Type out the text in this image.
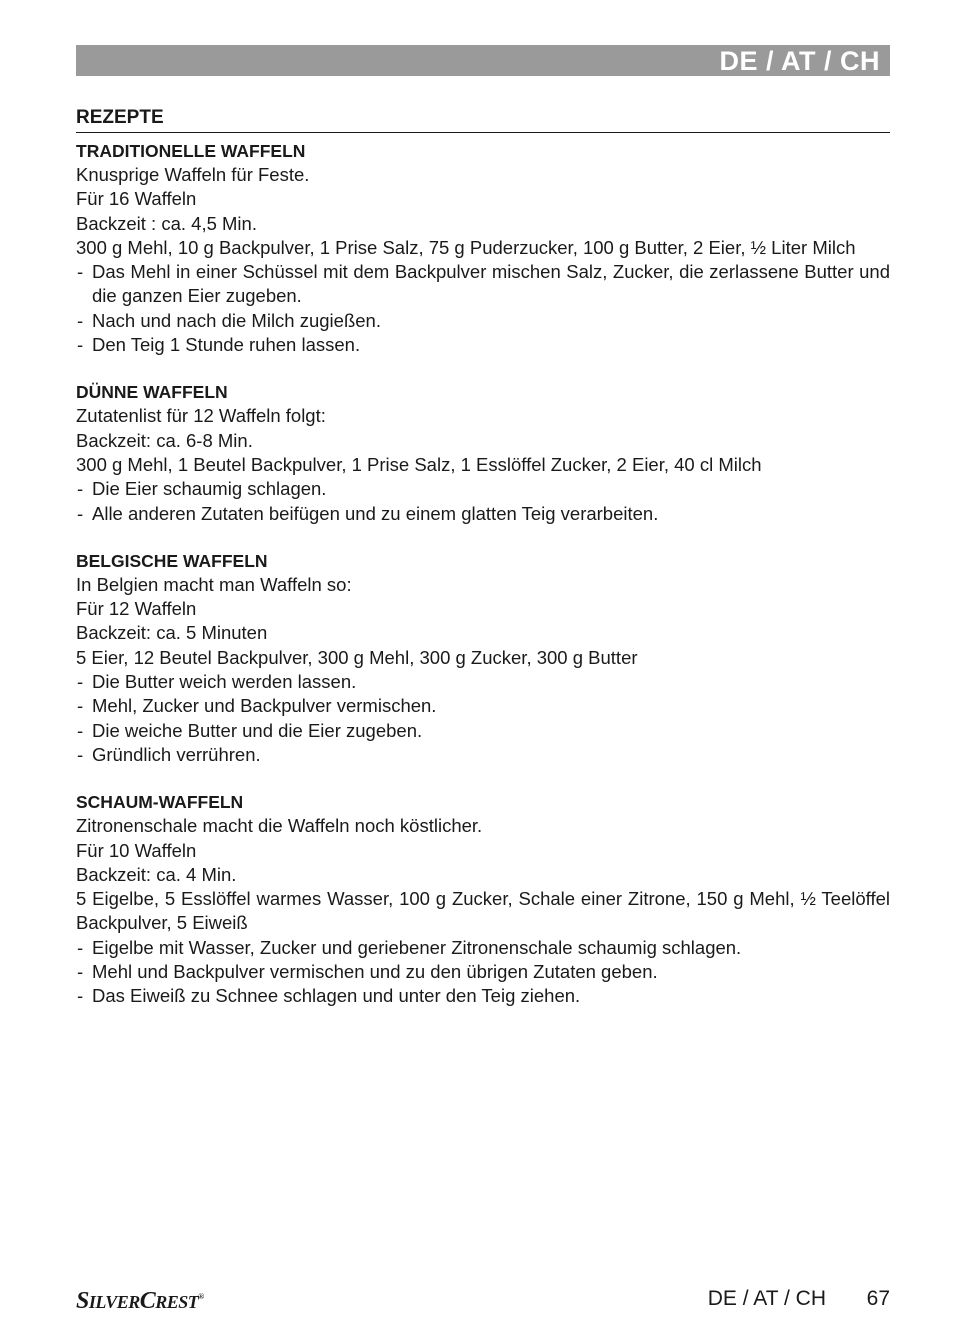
DE / AT / CH
REZEPTE
TRADITIONELLE WAFFELN
Knusprige Waffeln für Feste.
Für 16 Waffeln
Backzeit : ca. 4,5 Min.
300 g Mehl, 10 g Backpulver, 1 Prise Salz, 75 g Puderzucker, 100 g Butter, 2 Eier, ½ Liter Milch
- Das Mehl in einer Schüssel mit dem Backpulver mischen Salz, Zucker, die zerlassene Butter und die ganzen Eier zugeben.
- Nach und nach die Milch zugießen.
- Den Teig 1 Stunde ruhen lassen.
DÜNNE WAFFELN
Zutatenlist für 12 Waffeln folgt:
Backzeit: ca. 6-8 Min.
300 g Mehl, 1 Beutel Backpulver, 1 Prise Salz, 1 Esslöffel Zucker, 2 Eier, 40 cl Milch
- Die Eier schaumig schlagen.
- Alle anderen Zutaten beifügen und zu einem glatten Teig verarbeiten.
BELGISCHE WAFFELN
In Belgien macht man Waffeln so:
Für 12 Waffeln
Backzeit: ca. 5 Minuten
5 Eier, 12 Beutel Backpulver, 300 g Mehl, 300 g Zucker, 300 g Butter
- Die Butter weich werden lassen.
- Mehl, Zucker und Backpulver vermischen.
- Die weiche Butter und die Eier zugeben.
- Gründlich verrühren.
SCHAUM-WAFFELN
Zitronenschale macht die Waffeln noch köstlicher.
Für 10 Waffeln
Backzeit: ca. 4 Min.
5 Eigelbe, 5 Esslöffel warmes Wasser, 100 g Zucker, Schale einer Zitrone, 150 g Mehl, ½ Teelöffel Backpulver, 5 Eiweiß
- Eigelbe mit Wasser, Zucker und geriebener Zitronenschale schaumig schlagen.
- Mehl und Backpulver vermischen und zu den übrigen Zutaten geben.
- Das Eiweiß zu Schnee schlagen und unter den Teig ziehen.
SILVERCREST®	DE / AT / CH 67
